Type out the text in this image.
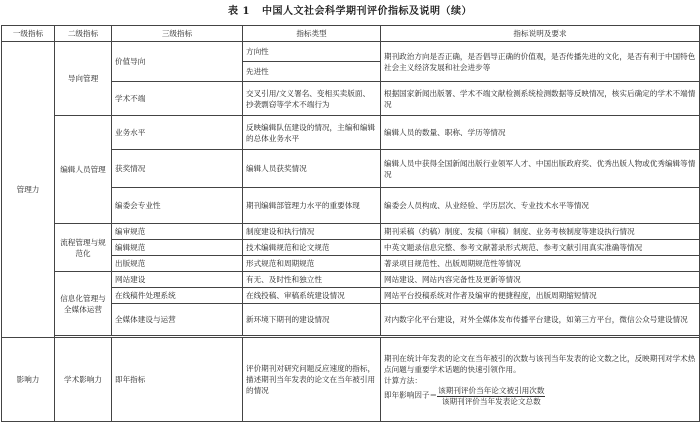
表 1 中国人文社会科学期刊评价指标及说明（续）
一级指标	二级指标	三级指标	指标类型	指标说明及要求
管理力	导向管理	价值导向	方向性	期刊政治方向是否正确，是否倡导正确的价值观，是否传播先进的文化，是否有利于中国特色社会主义经济发展和社会进步等
			先进性	
		学术不端	交叉引用/文义署名、变相买卖版面、抄袭剽窃等学术不端行为	根据国家新闻出版署、学术不端文献检测系统检测数据等反映情况，核实后确定的学术不端情况
	编辑人员管理	业务水平	反映编辑队伍建设的情况，主编和编辑的总体业务水平	编辑人员的数量、职称、学历等情况
		获奖情况	编辑人员获奖情况	编辑人员中获得全国新闻出版行业领军人才、中国出版政府奖、优秀出版人物或优秀编辑等情况
		编委会专业性	期刊编辑部管理力水平的重要体现	编委会人员构成、从业经验、学历层次、专业技术水平等情况
	流程管理与规范化	编审规范	制度建设和执行情况	期刊采稿（约稿）制度、发稿（审稿）制度、业务考核制度等建设执行情况
		编辑规范	技术编辑规范和论文规范	中英文题录信息完整、参考文献著录形式规范、参考文献引用真实准确等情况
		出版规范	形式规范和周期规范	著录项目规范性、出版周期规范性等情况
	信息化管理与全媒体运营	网站建设	有无、及时性和独立性	网站建设、网站内容完备性及更新等情况
		在线稿件处理系统	在线投稿、审稿系统建设情况	网站平台投稿系统对作者及编审的便捷程度，出版周期缩短情况
		全媒体建设与运营	新环境下期刊的建设情况	对内数字化平台建设，对外全媒体发布传播平台建设，如第三方平台，微信公众号建设情况

影响力	学术影响力	即年指标	评价期刊对研究问题反应速度的指标，描述期刊当年发表的论文在当年被引用的情况	期刊在统计年发表的论文在当年被引的次数与该刊当年发表的论文数之比，反映期刊对学术热点问题与重要学术话题的快速引领作用。
计算方法：
即年影响因子＝ $\frac{\text{该期刊评价当年论文被引用次数}}{\text{该期刊评价当年发表论文总数}}$
